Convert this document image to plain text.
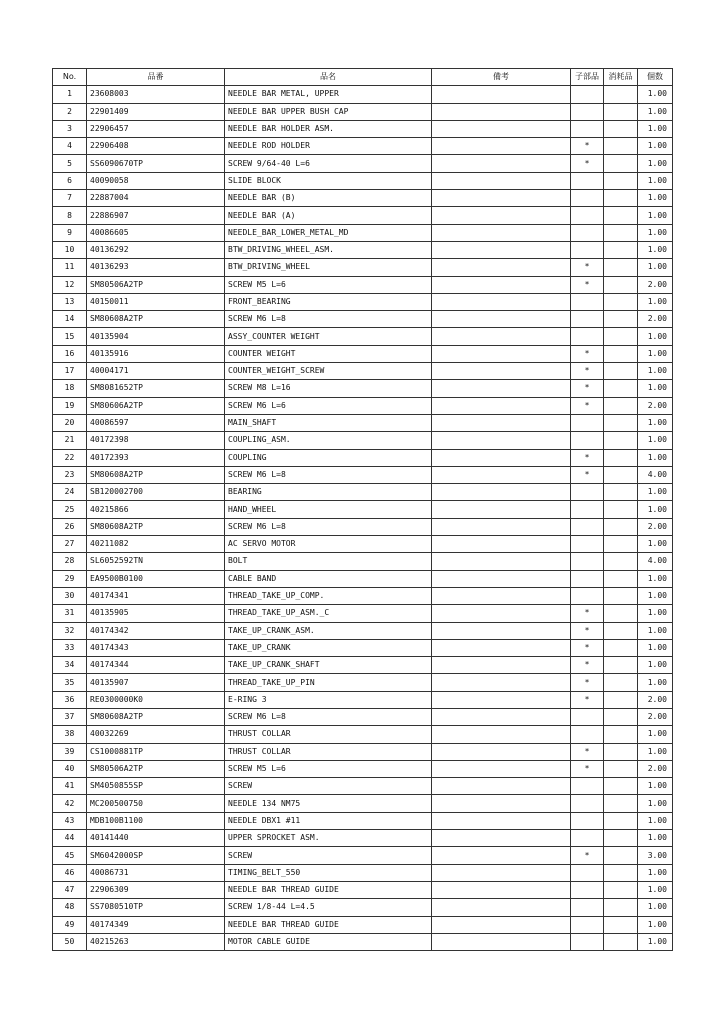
No.	品番	品名	備考	子部品	消耗品	個数
1	23608003	NEEDLE BAR METAL, UPPER				1.00
2	22901409	NEEDLE BAR UPPER BUSH CAP				1.00
3	22906457	NEEDLE BAR HOLDER ASM.				1.00
4	22906408	NEEDLE ROD HOLDER		*		1.00
5	SS6090670TP	SCREW 9/64-40 L=6		*		1.00
6	40090058	SLIDE BLOCK				1.00
7	22887004	NEEDLE BAR (B)				1.00
8	22886907	NEEDLE BAR (A)				1.00
9	40086605	NEEDLE_BAR_LOWER_METAL_MD				1.00
10	40136292	BTW_DRIVING_WHEEL_ASM.				1.00
11	40136293	BTW_DRIVING_WHEEL		*		1.00
12	SM80506A2TP	SCREW M5 L=6		*		2.00
13	40150011	FRONT_BEARING				1.00
14	SM80608A2TP	SCREW M6 L=8				2.00
15	40135904	ASSY_COUNTER WEIGHT				1.00
16	40135916	COUNTER WEIGHT		*		1.00
17	40004171	COUNTER_WEIGHT_SCREW		*		1.00
18	SM8081652TP	SCREW M8 L=16		*		1.00
19	SM80606A2TP	SCREW M6 L=6		*		2.00
20	40086597	MAIN_SHAFT				1.00
21	40172398	COUPLING_ASM.				1.00
22	40172393	COUPLING		*		1.00
23	SM80608A2TP	SCREW M6 L=8		*		4.00
24	SB120002700	BEARING				1.00
25	40215866	HAND_WHEEL				1.00
26	SM80608A2TP	SCREW M6 L=8				2.00
27	40211082	AC SERVO MOTOR				1.00
28	SL6052592TN	BOLT				4.00
29	EA9500B0100	CABLE BAND				1.00
30	40174341	THREAD_TAKE_UP_COMP.				1.00
31	40135905	THREAD_TAKE_UP_ASM._C		*		1.00
32	40174342	TAKE_UP_CRANK_ASM.		*		1.00
33	40174343	TAKE_UP_CRANK		*		1.00
34	40174344	TAKE_UP_CRANK_SHAFT		*		1.00
35	40135907	THREAD_TAKE_UP_PIN		*		1.00
36	RE0300000K0	E-RING 3		*		2.00
37	SM80608A2TP	SCREW M6 L=8				2.00
38	40032269	THRUST COLLAR				1.00
39	CS1000881TP	THRUST COLLAR		*		1.00
40	SM80506A2TP	SCREW M5 L=6		*		2.00
41	SM4050855SP	SCREW				1.00
42	MC200500750	NEEDLE 134 NM75				1.00
43	MDB100B1100	NEEDLE DBX1 #11				1.00
44	40141440	UPPER SPROCKET ASM.				1.00
45	SM6042000SP	SCREW		*		3.00
46	40086731	TIMING_BELT_550				1.00
47	22906309	NEEDLE BAR THREAD GUIDE				1.00
48	SS7080510TP	SCREW 1/8-44 L=4.5				1.00
49	40174349	NEEDLE BAR THREAD GUIDE				1.00
50	40215263	MOTOR CABLE GUIDE				1.00
